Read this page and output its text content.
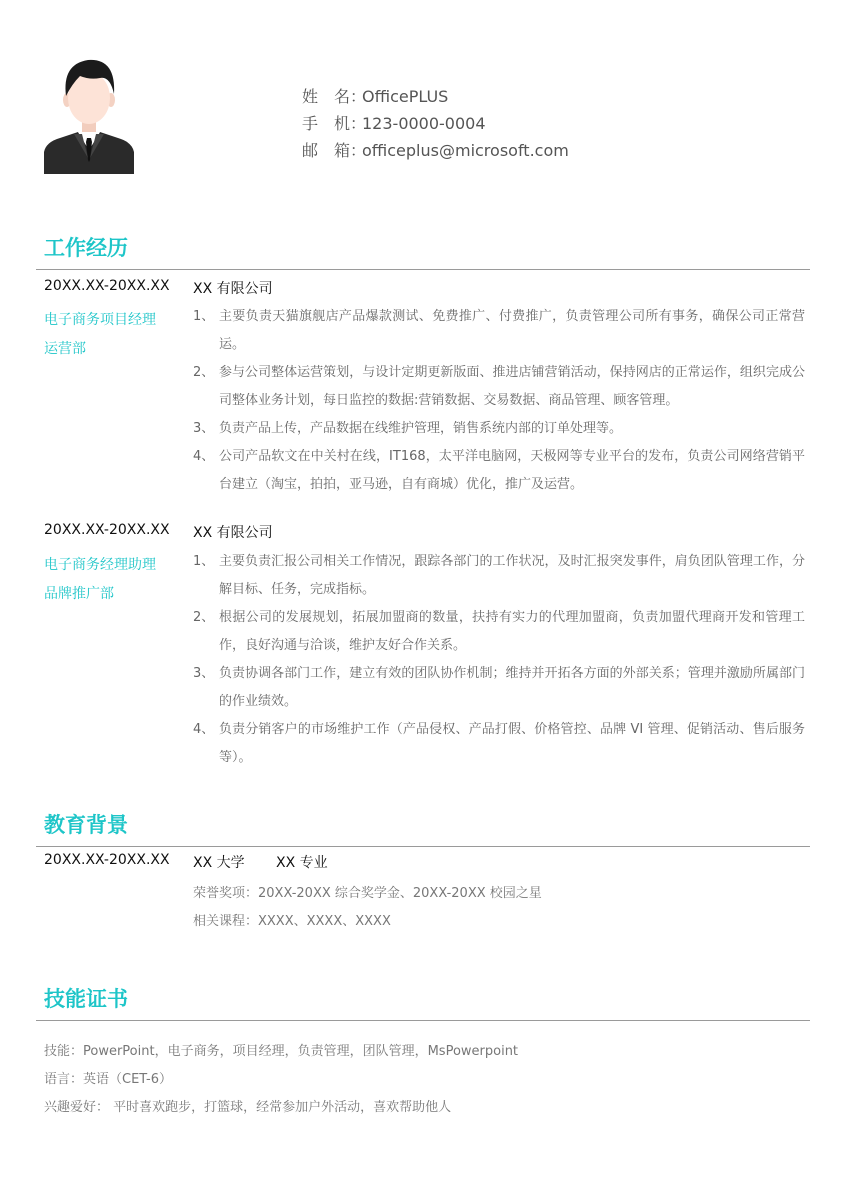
姓　名：OfficePLUS
手　机：123-0000-0004
邮　箱：officeplus@microsoft.com
工作经历
20XX.XX-20XX.XX XX 有限公司
电子商务项目经理
运营部
1、 主要负责天猫旗舰店产品爆款测试、免费推广、付费推广，负责管理公司所有事务，确保公司正常营运。
2、 参与公司整体运营策划，与设计定期更新版面、推进店铺营销活动，保持网店的正常运作，组织完成公司整体业务计划，每日监控的数据:营销数据、交易数据、商品管理、顾客管理。
3、 负责产品上传，产品数据在线维护管理，销售系统内部的订单处理等。
4、 公司产品软文在中关村在线，IT168，太平洋电脑网，天极网等专业平台的发布，负责公司网络营销平台建立（淘宝，拍拍，亚马逊，自有商城）优化，推广及运营。
20XX.XX-20XX.XX XX 有限公司
电子商务经理助理
品牌推广部
1、 主要负责汇报公司相关工作情况，跟踪各部门的工作状况，及时汇报突发事件，肩负团队管理工作，分解目标、任务，完成指标。
2、 根据公司的发展规划，拓展加盟商的数量，扶持有实力的代理加盟商，负责加盟代理商开发和管理工作，良好沟通与洽谈，维护友好合作关系。
3、 负责协调各部门工作，建立有效的团队协作机制；维持并开拓各方面的外部关系；管理并激励所属部门的作业绩效。
4、 负责分销客户的市场维护工作（产品侵权、产品打假、价格管控、品牌 VI 管理、促销活动、售后服务等）。
教育背景
20XX.XX-20XX.XX XX 大学 XX 专业
荣誉奖项：20XX-20XX 综合奖学金、20XX-20XX 校园之星
相关课程：XXXX、XXXX、XXXX
技能证书
技能：PowerPoint，电子商务，项目经理，负责管理，团队管理，MsPowerpoint
语言：英语（CET-6）
兴趣爱好： 平时喜欢跑步，打篮球，经常参加户外活动，喜欢帮助他人
